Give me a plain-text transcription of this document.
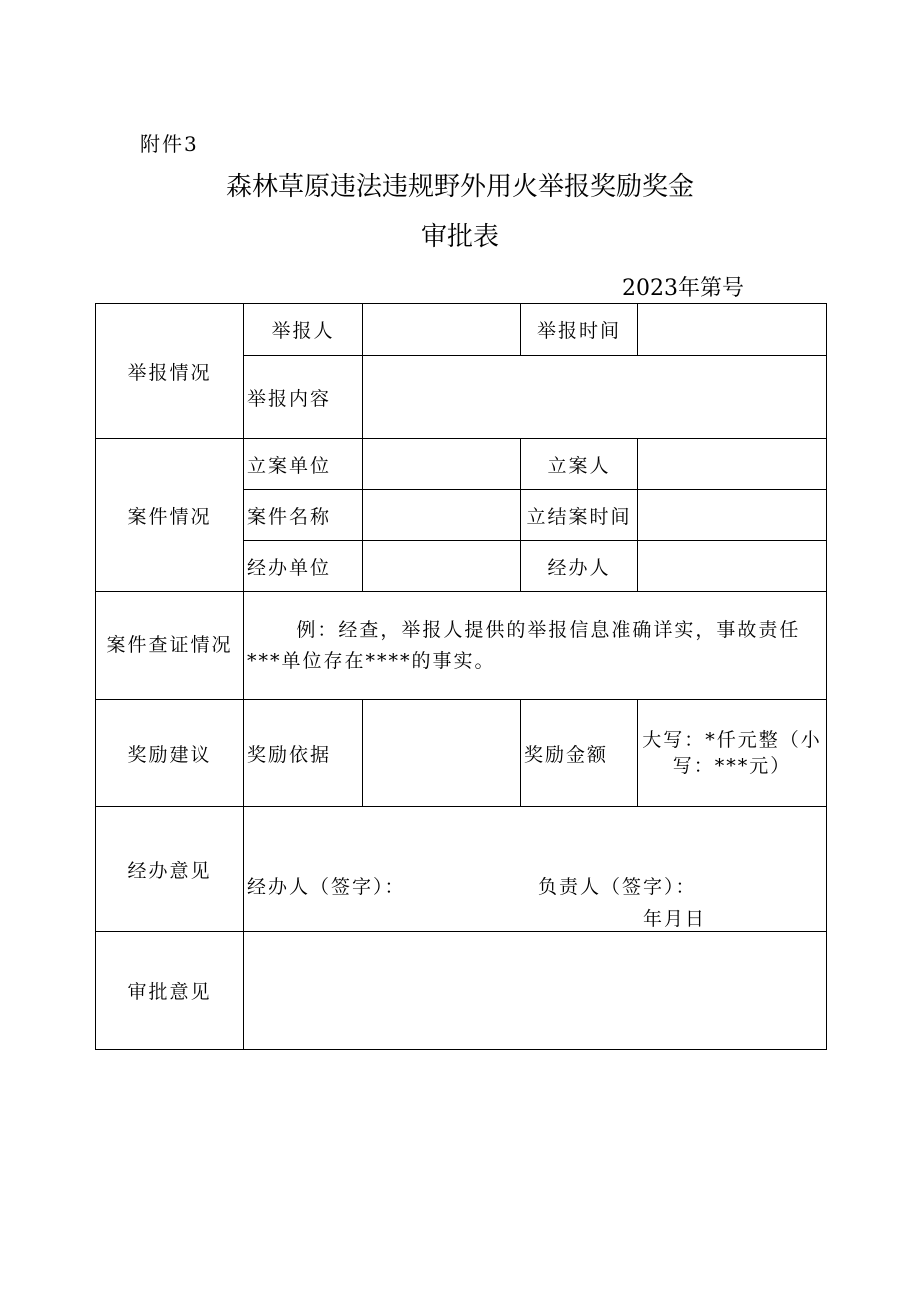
附件3
森林草原违法违规野外用火举报奖励奖金
审批表
2023年第号
举报情况	举报人		举报时间	
	举报内容			
案件情况	立案单位		立案人	
	案件名称		立结案时间	
	经办单位		经办人	
案件查证情况	例：经查，举报人提供的举报信息准确详实，事故责任***单位存在****的事实。			
奖励建议	奖励依据		奖励金额	大写：*仟元整（小写：***元）
经办意见	经办人（签字）： 负责人（签字）：
年月日			

审批意见				
